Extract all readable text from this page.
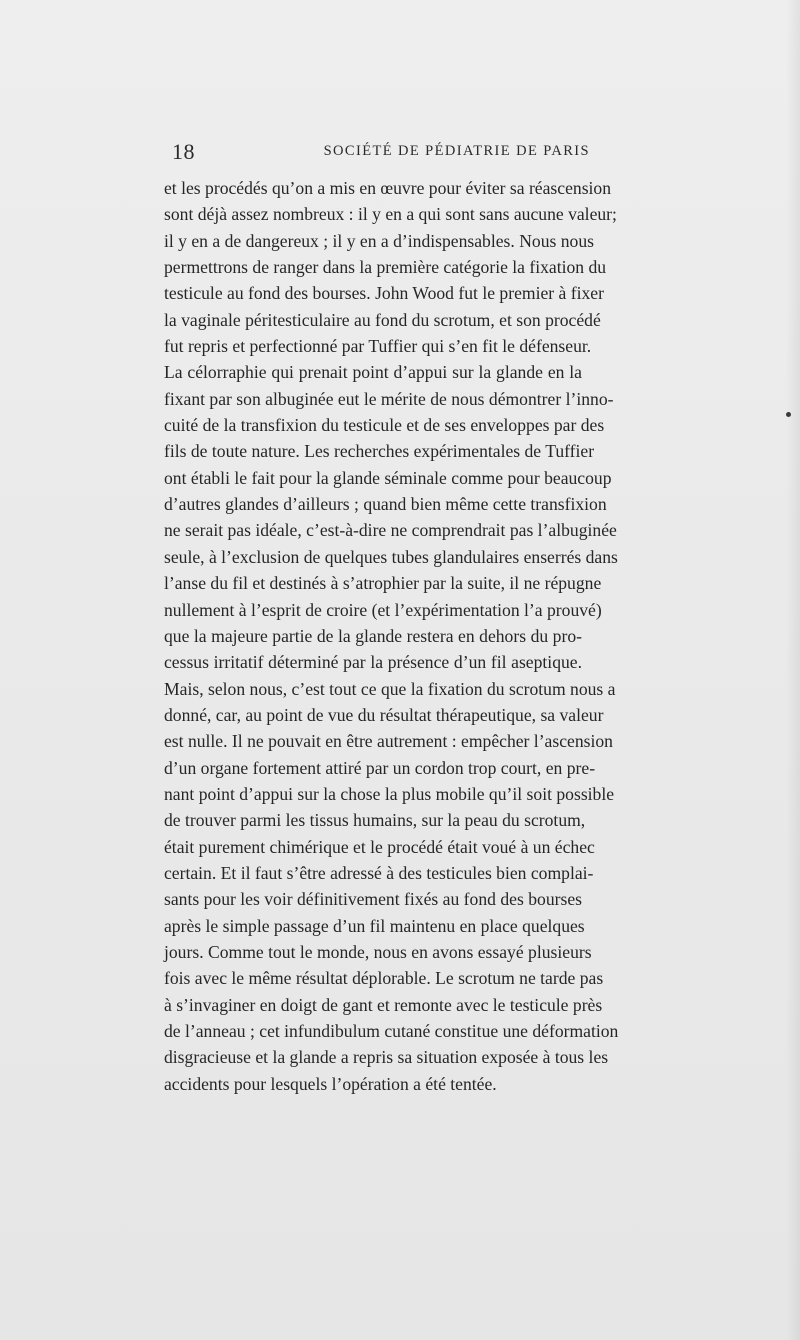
18	SOCIÉTÉ DE PÉDIATRIE DE PARIS
et les procédés qu’on a mis en œuvre pour éviter sa réascension
sont déjà assez nombreux : il y en a qui sont sans aucune valeur;
il y en a de dangereux ; il y en a d’indispensables. Nous nous
permettrons de ranger dans la première catégorie la fixation du
testicule au fond des bourses. John Wood fut le premier à fixer
la vaginale péritesticulaire au fond du scrotum, et son procédé
fut repris et perfectionné par Tuffier qui s’en fit le défenseur.
La célorraphie qui prenait point d’appui sur la glande en la
fixant par son albuginée eut le mérite de nous démontrer l’inno-
cuité de la transfixion du testicule et de ses enveloppes par des
fils de toute nature. Les recherches expérimentales de Tuffier
ont établi le fait pour la glande séminale comme pour beaucoup
d’autres glandes d’ailleurs ; quand bien même cette transfixion
ne serait pas idéale, c’est-à-dire ne comprendrait pas l’albuginée
seule, à l’exclusion de quelques tubes glandulaires enserrés dans
l’anse du fil et destinés à s’atrophier par la suite, il ne répugne
nullement à l’esprit de croire (et l’expérimentation l’a prouvé)
que la majeure partie de la glande restera en dehors du pro-
cessus irritatif déterminé par la présence d’un fil aseptique.
Mais, selon nous, c’est tout ce que la fixation du scrotum nous a
donné, car, au point de vue du résultat thérapeutique, sa valeur
est nulle. Il ne pouvait en être autrement : empêcher l’ascension
d’un organe fortement attiré par un cordon trop court, en pre-
nant point d’appui sur la chose la plus mobile qu’il soit possible
de trouver parmi les tissus humains, sur la peau du scrotum,
était purement chimérique et le procédé était voué à un échec
certain. Et il faut s’être adressé à des testicules bien complai-
sants pour les voir définitivement fixés au fond des bourses
après le simple passage d’un fil maintenu en place quelques
jours. Comme tout le monde, nous en avons essayé plusieurs
fois avec le même résultat déplorable. Le scrotum ne tarde pas
à s’invaginer en doigt de gant et remonte avec le testicule près
de l’anneau ; cet infundibulum cutané constitue une déformation
disgracieuse et la glande a repris sa situation exposée à tous les
accidents pour lesquels l’opération a été tentée.
